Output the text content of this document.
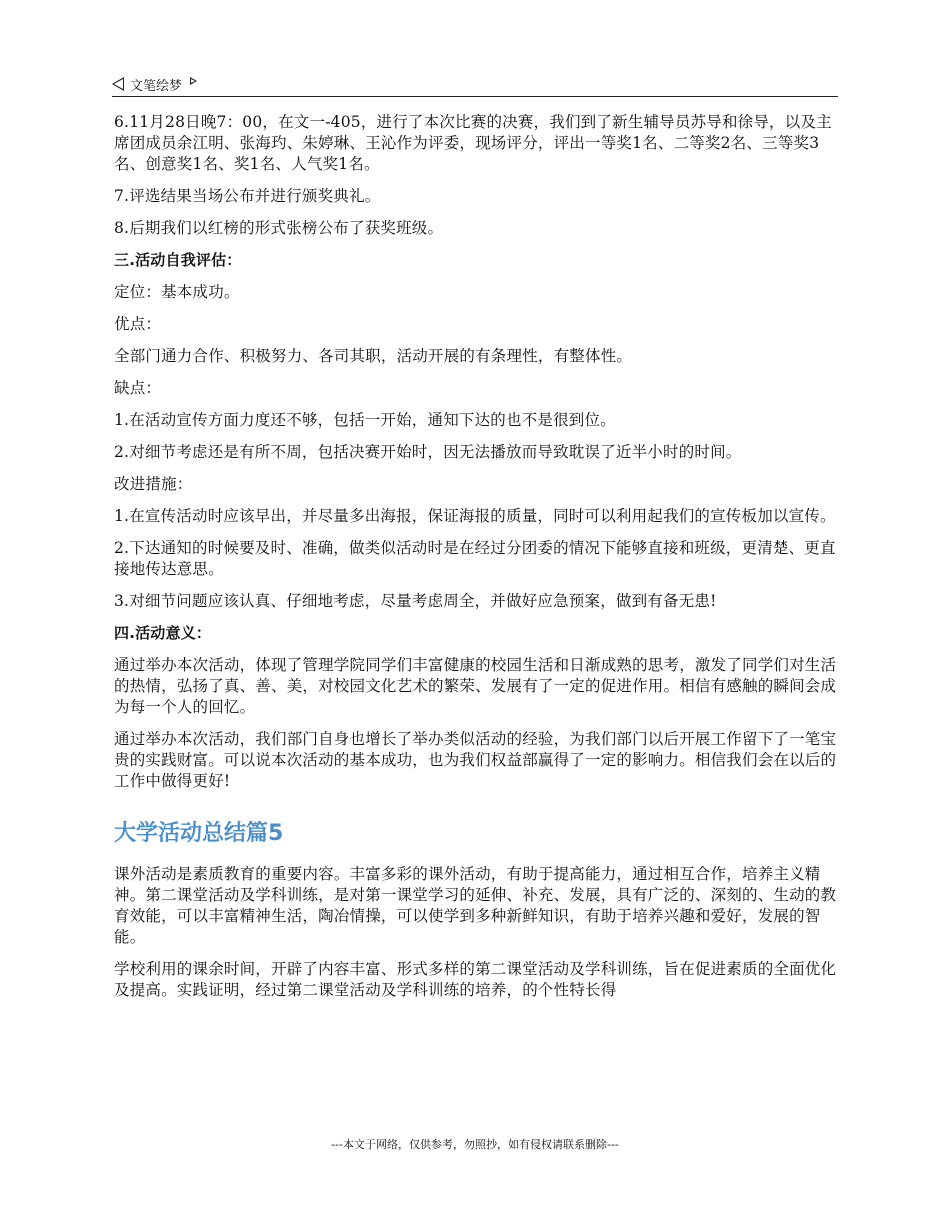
文笔绘梦

6.11月28日晚7：00，在文一-405，进行了本次比赛的决赛，我们到了新生辅导员苏导和徐导，以及主席团成员余江明、张海玓、朱婷琳、王沁作为评委，现场评分，评出一等奖1名、二等奖2名、三等奖3名、创意奖1名、奖1名、人气奖1名。

7.评选结果当场公布并进行颁奖典礼。

8.后期我们以红榜的形式张榜公布了获奖班级。

三.活动自我评估：

定位：基本成功。

优点：

全部门通力合作、积极努力、各司其职，活动开展的有条理性，有整体性。

缺点：

1.在活动宣传方面力度还不够，包括一开始，通知下达的也不是很到位。

2.对细节考虑还是有所不周，包括决赛开始时，因无法播放而导致耽误了近半小时的时间。

改进措施：

1.在宣传活动时应该早出，并尽量多出海报，保证海报的质量，同时可以利用起我们的宣传板加以宣传。

2.下达通知的时候要及时、准确，做类似活动时是在经过分团委的情况下能够直接和班级，更清楚、更直接地传达意思。

3.对细节问题应该认真、仔细地考虑，尽量考虑周全，并做好应急预案，做到有备无患!

四.活动意义：

通过举办本次活动，体现了管理学院同学们丰富健康的校园生活和日渐成熟的思考，激发了同学们对生活的热情，弘扬了真、善、美，对校园文化艺术的繁荣、发展有了一定的促进作用。相信有感触的瞬间会成为每一个人的回忆。

通过举办本次活动，我们部门自身也增长了举办类似活动的经验，为我们部门以后开展工作留下了一笔宝贵的实践财富。可以说本次活动的基本成功，也为我们权益部赢得了一定的影响力。相信我们会在以后的工作中做得更好!

大学活动总结篇5

课外活动是素质教育的重要内容。丰富多彩的课外活动，有助于提高能力，通过相互合作，培养主义精神。第二课堂活动及学科训练，是对第一课堂学习的延伸、补充、发展，具有广泛的、深刻的、生动的教育效能，可以丰富精神生活，陶冶情操，可以使学到多种新鲜知识，有助于培养兴趣和爱好，发展的智能。

学校利用的课余时间，开辟了内容丰富、形式多样的第二课堂活动及学科训练，旨在促进素质的全面优化及提高。实践证明，经过第二课堂活动及学科训练的培养，的个性特长得

---本文于网络，仅供参考，勿照抄，如有侵权请联系删除---
